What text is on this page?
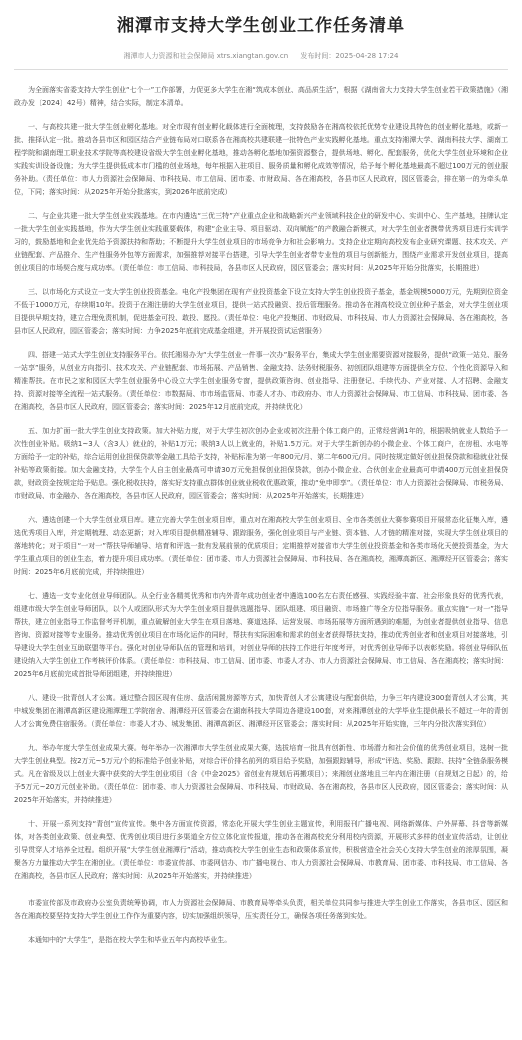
湘潭市支持大学生创业工作任务清单
湘潭市人力资源和社会保障局 xtrs.xiangtan.gov.cn 发布时间：2025-04-28 17:24

为全面落实省委支持大学生创业“七个一”工作部署，力促更多大学生在湘“筑成本创业、高品质生活”，根据《湖南省大力支持大学生创业若干政策措施》（湘政办发〔2024〕42号）精神，结合实际，制定本清单。

一、与高校共建一批大学生创业孵化基地。对全市现有创业孵化载体进行全面梳理，支持鼓励各在湘高校依托优势专业建设具特色的创业孵化基地，或新一批、推择认定一批。推动各县市区和园区结合产业链布局对口联系各在湘高校共建联建一批特色产业实践孵化基地。重点支持湘潭大学、湖南科技大学、湖南工程学院和湖南理工职业技术学院等高校建设省级大学生创业孵化基地，推动各孵化基地加强资源整合，提供场地、孵化、配套服务，优化大学生创业环境和企业实践实训设备设施；为大学生提供低成本市门槛的创业场地，每年根据入驻项目、服务质量和孵化成效等情况，给予每个孵化基地最高不超过100万元的创业服务补助。（责任单位：市人力资源社会保障局、市科技局、市工信局、团市委、市财政局、各在湘高校，各县市区人民政府，园区管委会，排在第一的为牵头单位，下同；落实时间：从2025年开始分批落实，到2026年底前完成）

二、与企业共建一批大学生创业实践基地。在市内遴选“三优三特”产业重点企业和战略新兴产业领域科技企业的研发中心、实训中心、生产基地，挂牌认定一批大学生创业实践基地，作为大学生创业实践重要载体，构建“企业主导、项目驱动、双向赋能”的产教融合新模式，对大学生创业者携带优秀项目进行实训学习的，鼓励基地和企业优先给予资源扶持和帮助；不断提升大学生创业项目的市场竞争力和社会影响力。支持企业定期向高校发布企业研究课题、技术攻关、产业链配套、产品推介、生产性服务外包等方面需求，加强推荐对接平台搭建，引导大学生创业者带专业性的项目与创新能力，围绕产业需求开发创业项目，提高创业项目的市场契合度与成功率。（责任单位：市工信局、市科技局，各县市区人民政府，园区管委会；落实时间：从2025年开始分批落实，长期推进）

三、以市场化方式设立一支大学生创业投资基金。电化产投集团在现有产业投资基金下设立支持大学生创业投资子基金，基金规模5000万元，先期到位资金不低于1000万元，存续期10年。投资于在湘注册的大学生创业项目，提供一站式投融资、投后管理服务。推动各在湘高校设立创业种子基金，对大学生创业项目提供早期支持，建立合理免责机制，促进基金可投、敢投、愿投。（责任单位：电化产投集团、市财政局、市科技局、市人力资源社会保障局、各在湘高校，各县市区人民政府，园区管委会；落实时间：力争2025年底前完成基金组建，并开展投资试运营服务）

四、搭建一站式大学生创业支持服务平台。依托湘易办为“大学生创业一件事一次办”服务平台，集成大学生创业需要资源对接服务，提供“政策一站兑、服务一站享”服务，从创业方向指引、技术攻关、产业链配套、市场拓展、产品销售、金融支持、法务财税服务、初创团队组建等方面提供全方位、个性化资源导入和精准帮扶。在市民之家和园区大学生创业服务中心设立大学生创业服务专窗，提供政策咨询、创业指导、注册登记、手续代办、产业对接、人才招聘、金融支持、资源对接等全流程一站式服务。（责任单位：市数据局、市市场监管局、市委人才办、市政府办、市人力资源社会保障局、市工信局、市科技局、团市委、各在湘高校，各县市区人民政府，园区管委会；落实时间：2025年12月底前完成，并持续优化）

五、加力扩面一批大学生创业支持政策。加大补贴力度，对于大学生初次创办企业或初次注册个体工商户的，正常经营满1年的，根据吸纳就业人数给予一次性创业补贴。吸纳1~3人（含3人）就业的，补贴1万元；吸纳3人以上就业的，补贴1.5万元。对于大学生新创办的小微企业、个体工商户，在房租、水电等方面给予一定的补贴，综合运用创业担保贷款等金融工具给予支持，补贴标准为第一年800元/月、第二年600元/月。同时按规定做好创业担保贷款和稳就业社保补贴等政策衔接。加大金融支持，大学生个人自主创业最高可申请30万元免担保创业担保贷款，创办小微企业、合伙创业企业最高可申请400万元创业担保贷款，财政资金按规定给予贴息。强化税收扶持，落实好支持重点群体创业就业税收优惠政策，推动“免申即享”。（责任单位：市人力资源社会保障局、市税务局、市财政局、市金融办、各在湘高校，各县市区人民政府，园区管委会；落实时间：从2025年开始落实，长期推进）

六、遴选创建一个大学生创业项目库。建立完善大学生创业项目库，重点对在湘高校大学生创业项目、全市各类创业大赛参赛项目开展常态化征集入库，遴选优秀项目入库，并定期梳理、动态更新；对入库项目提供精准辅导、跟踪服务，强化创业项目与产业链、资本链、人才链的精准对接，实现大学生创业项目的落地转化；对于项目“一对一”帮扶导师辅导、培育和评选一批有发展前景的优质项目；定期推荐对接省市大学生创业投资基金和各类市场化天使投资基金，为大学生重点项目的创业生态，着力提升项目成功率。（责任单位：团市委、市人力资源社会保障局、市科技局、各在湘高校，湘潭高新区、湘潭经开区管委会；落实时间：2025年6月底前完成，并持续推进）

七、遴选一支专业化创业导师团队。从全行业各精英优秀和市内外青年成功创业者中遴选100名左右责任感强、实践经验丰富、社会形象良好的优秀代表，组建市级大学生创业导师团队，以个人或团队形式为大学生创业项目提供选题指导、团队组建、项目融资、市场推广等全方位指导服务。重点实施“一对一”指导帮扶，建立创业指导工作监督考评机制，重点破解创业大学生在项目落地、赛道选择、运营发展、市场拓展等方面所遇到的难题，为创业者提供创业指导、信息咨询、资源对接等专业服务。推动优秀创业项目在市场化运作的同时，帮扶有实际困难和需求的创业者获得帮扶支持，推动优秀创业者和创业项目对接落地，引导建设大学生创业互助联盟等平台。强化对创业导师队伍的管理和培训，对创业导师的扶持工作进行年度考评，对优秀创业导师予以表彰奖励。将创业导师队伍建设纳入大学生创业工作考核评价体系。（责任单位：市科技局、市工信局、团市委、市委人才办、市人力资源社会保障局、市工信局、各在湘高校；落实时间：2025年6月底前完成首批导师团组建，并持续推进）

八、建设一批青创人才公寓。通过整合园区现有住房、盘活闲置房源等方式，加快青创人才公寓建设与配套供给，力争三年内建设300套青创人才公寓，其中城发集团在湘潭高新区建设湘潭理工学院宿舍、湘潭经开区管委会在湖南科技大学周边各建设100套，对来湘潭创业的大学毕业生提供最长不超过一年的青创人才公寓免费住宿服务。（责任单位：市委人才办、城发集团、湘潭高新区、湘潭经开区管委会；落实时间：从2025年开始实施，三年内分批次落实到位）

九、举办年度大学生创业成果大赛。每年举办一次湘潭市大学生创业成果大赛，选拔培育一批具有创新性、市场潜力和社会价值的优秀创业项目，选树一批大学生创业典型。按2万元~5万元/个的标准给予创业补贴，对综合评价排名前列的项目给予奖励，加强跟踪辅导，形成“评选、奖励、跟踪、扶持”全链条服务模式。凡在省级及以上创业大赛中获奖的大学生创业项目（含《中金2025》省创业有规划后再搬项目）；来湘创业落地且三年内在湘注册（自规划之日起）的，给予5万元~20万元创业补助。（责任单位：团市委、市人力资源社会保障局、市科技局、市财政局、各在湘高校，各县市区人民政府，园区管委会；落实时间：从2025年开始落实，并持续推进）

十、开展一系列支持“青创”宣传宣传。集中各方面宣传资源，常态化开展大学生创业主题宣传，利用报刊广播电视、网络新媒体、户外屏幕、抖音等新媒体，对各类创业政策、创业典型、优秀创业项目进行多渠道全方位立体化宣传报道，推动各在湘高校充分利用校内资源，开展形式多样的创业宣传活动，让创业引导贯穿人才培养全过程。组织开展“大学生创业湘潭行”活动，推动高校大学生创业生态和政策体系宣传，积极营造全社会关心支持大学生创业的浓厚氛围，凝聚各方力量推动大学生在湘创业。（责任单位：市委宣传部、市委网信办、市广播电视台、市人力资源社会保障局、市教育局、团市委、市科技局、市工信局、各在湘高校，各县市区人民政府；落实时间：从2025年开始落实，并持续推进）

市委宣传部及市政府办公室负责统筹协调，市人力资源社会保障局、市教育局等牵头负责，相关单位共同参与推进大学生创业工作落实，各县市区、园区和各在湘高校要坚持支持大学生创业工作作为重要内容，切实加强组织领导，压实责任分工，确保各项任务落到实处。

本通知中的“大学生”，是指在校大学生和毕业五年内高校毕业生。
